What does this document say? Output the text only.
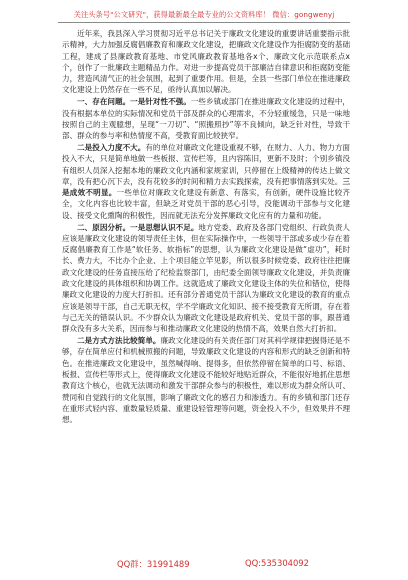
关注头条号"公文研究"，获得最新最全最专业的公文资料库！ 微信：gongwenyj

近年来，我县深入学习贯彻习近平总书记关于廉政文化建设的重要讲话重要指示批示精神，大力加强反腐倡廉教育和廉政文化建设，把廉政文化建设作为拒腐防变的基础工程，建成了县廉政教育基地、市党风廉政教育基地各x个、廉政文化示范联系点x个，创作了一批廉政主题精品力作。对进一步提高党员干部廉洁自律意识和拒腐防变能力，营造风清气正的社会氛围，起到了重要作用。但是，全县一些部门单位在推进廉政文化建设上仍然存在一些不足，亟待认真加以解决。

一、存在问题。一是针对性不强。一些乡镇或部门在推进廉政文化建设的过程中，没有根据本单位的实际情况和党员干部及群众的心理需求，不分轻重缓急，只是一味地按照自己的主观臆想，呈现“一刀切”、“照搬照抄”等不良倾向，缺乏针对性，导致干部、群众的参与率和热情度不高，受教育面比较狭窄。

二是投入力度不大。有的单位对廉政文化建设重视不够，在财力、人力、物力方面投入不大，只是简单地做一些板报、宣传栏等，且内容陈旧，更新不及时；个别乡镇没有组织人员深入挖掘本地的廉政文化内涵和家规家训，只停留在上级精神的传达上做文章，没有把心沉下去，没有花较多的时间和精力去实践探索，没有把事情落到实处。三是成效不明显。一些单位对廉政文化建设有新意、有落实，有创新，硬件设施比较齐全，文化内容也比较丰富，但缺乏对党员干部的恶心引导，没能调动干部参与文化建设、接受文化熏陶的积极性，因而就无法充分发挥廉政文化应有的力量和功能。

二、原因分析。一是思想认识不足。地方党委、政府及各部门党组织、行政负责人应该是廉政文化建设的领导责任主体，但在实际操作中，一些领导干部或多或少存在着反腐倡廉教育工作是“软任务、软指标”的思想，认为廉政文化建设是做“虚功”，耗时长、费力大，不比办个企业、上个项目能立竿见影，所以很多时候党委、政府往往把廉政文化建设的任务直接压给了纪检监察部门，由纪委全面领导廉政文化建设，并负责廉政文化建设的具体组织和协调工作。这就造成了廉政文化建设主体的失位和错位，使得廉政文化建设的力度大打折扣。还有部分普通党员干部认为廉政文化建设的教育的重点应该是领导干部，自己无职无权，学不学廉政文化知识、接不接受教育无所谓，存在着与己无关的错误认识。不少群众认为廉政文化建设是政府机关、党员干部的事，跟普通群众没有多大关系，因而参与和推动廉政文化建设的热情不高，效果自然大打折扣。

二是方式方法比较简单。廉政文化建设的有关责任部门对其科学规律把握得还是不够，存在简单应付和机械照搬的问题，导致廉政文化建设的内容和形式的缺乏创新和特色。在推进廉政文化建设中，虽然喊得响、提得多，但依然停留在简单的口号、标语、板报、宣传栏等形式上，使得廉政文化建设不能较好地贴近群众，不能很好地抓住思想教育这个核心，也就无法调动和激发干部群众参与的积极性，难以形成为群众所认可、赞同和自觉践行的文化氛围，影响了廉政文化的感召力和渗透力。有的乡镇和部门还存在重形式轻内容、重数量轻质量、重建设轻管理等问题，资金投入不少，但效果并不理想。

QQ群：31991489	QQ:535304092
